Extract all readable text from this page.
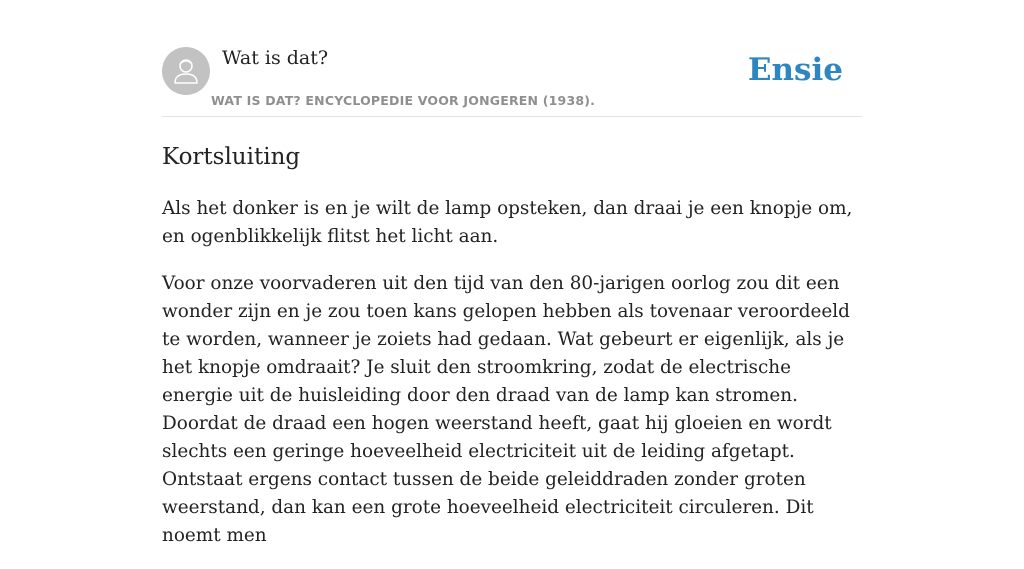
Wat is dat?
WAT IS DAT? ENCYCLOPEDIE VOOR JONGEREN (1938).
Ensie
Kortsluiting

Als het donker is en je wilt de lamp opsteken, dan draai je een knopje om, en ogenblikkelijk flitst het licht aan.

Voor onze voorvaderen uit den tijd van den 80-jarigen oorlog zou dit een wonder zijn en je zou toen kans gelopen hebben als tovenaar veroordeeld te worden, wanneer je zoiets had gedaan. Wat gebeurt er eigenlijk, als je het knopje omdraait? Je sluit den stroomkring, zodat de electrische energie uit de huisleiding door den draad van de lamp kan stromen. Doordat de draad een hogen weerstand heeft, gaat hij gloeien en wordt slechts een geringe hoeveelheid electriciteit uit de leiding afgetapt.

Ontstaat ergens contact tussen de beide geleiddraden zonder groten weerstand, dan kan een grote hoeveelheid electriciteit circuleren. Dit noemt men
